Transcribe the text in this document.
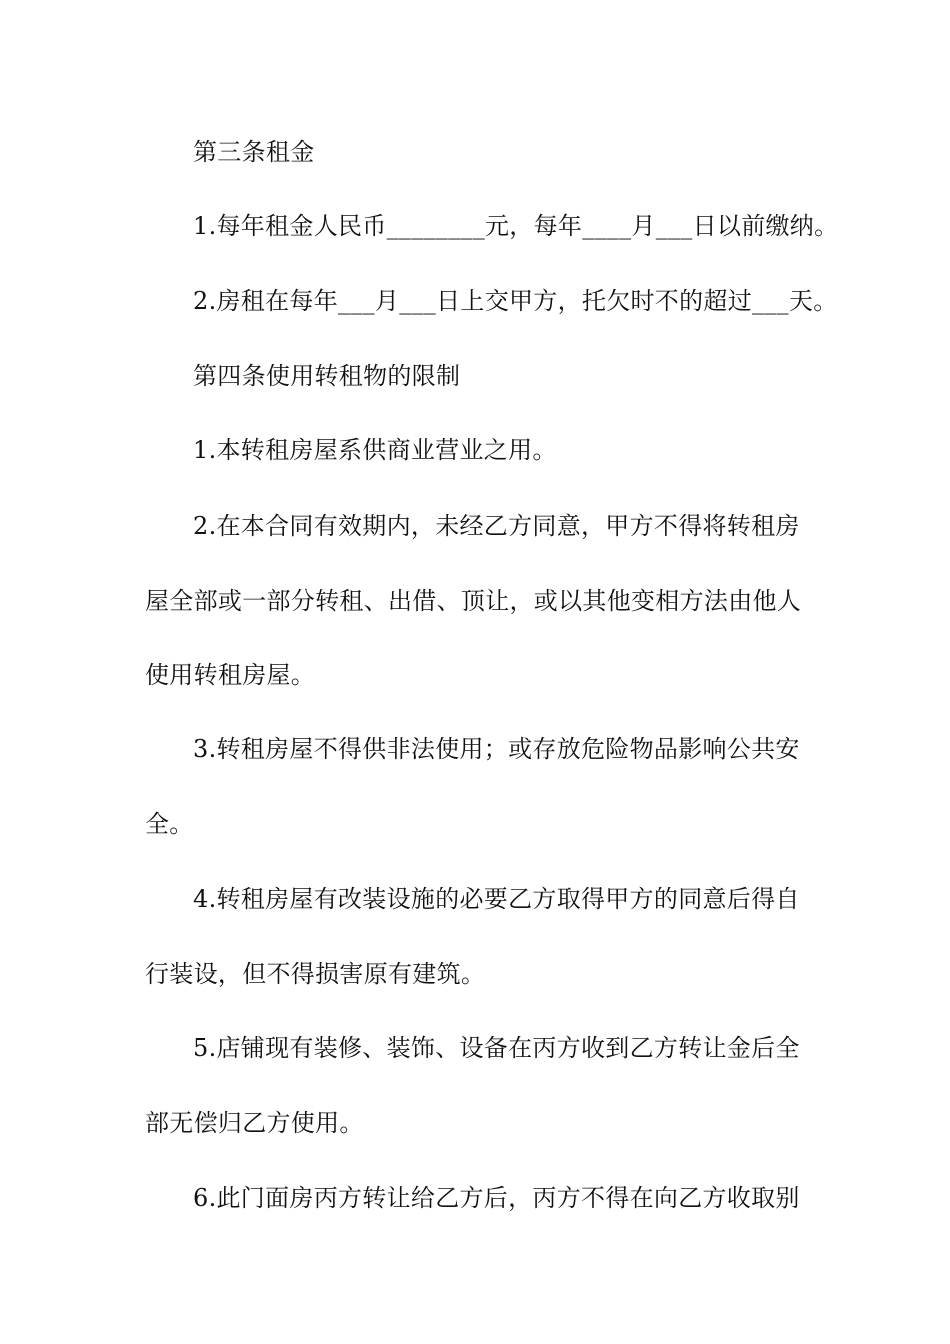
第三条租金
1.每年租金人民币________元，每年____月___日以前缴纳。
2.房租在每年___月___日上交甲方，托欠时不的超过___天。
第四条使用转租物的限制
1.本转租房屋系供商业营业之用。
2.在本合同有效期内，未经乙方同意，甲方不得将转租房
屋全部或一部分转租、出借、顶让，或以其他变相方法由他人
使用转租房屋。
3.转租房屋不得供非法使用；或存放危险物品影响公共安
全。
4.转租房屋有改装设施的必要乙方取得甲方的同意后得自
行装设，但不得损害原有建筑。
5.店铺现有装修、装饰、设备在丙方收到乙方转让金后全
部无偿归乙方使用。
6.此门面房丙方转让给乙方后，丙方不得在向乙方收取别
